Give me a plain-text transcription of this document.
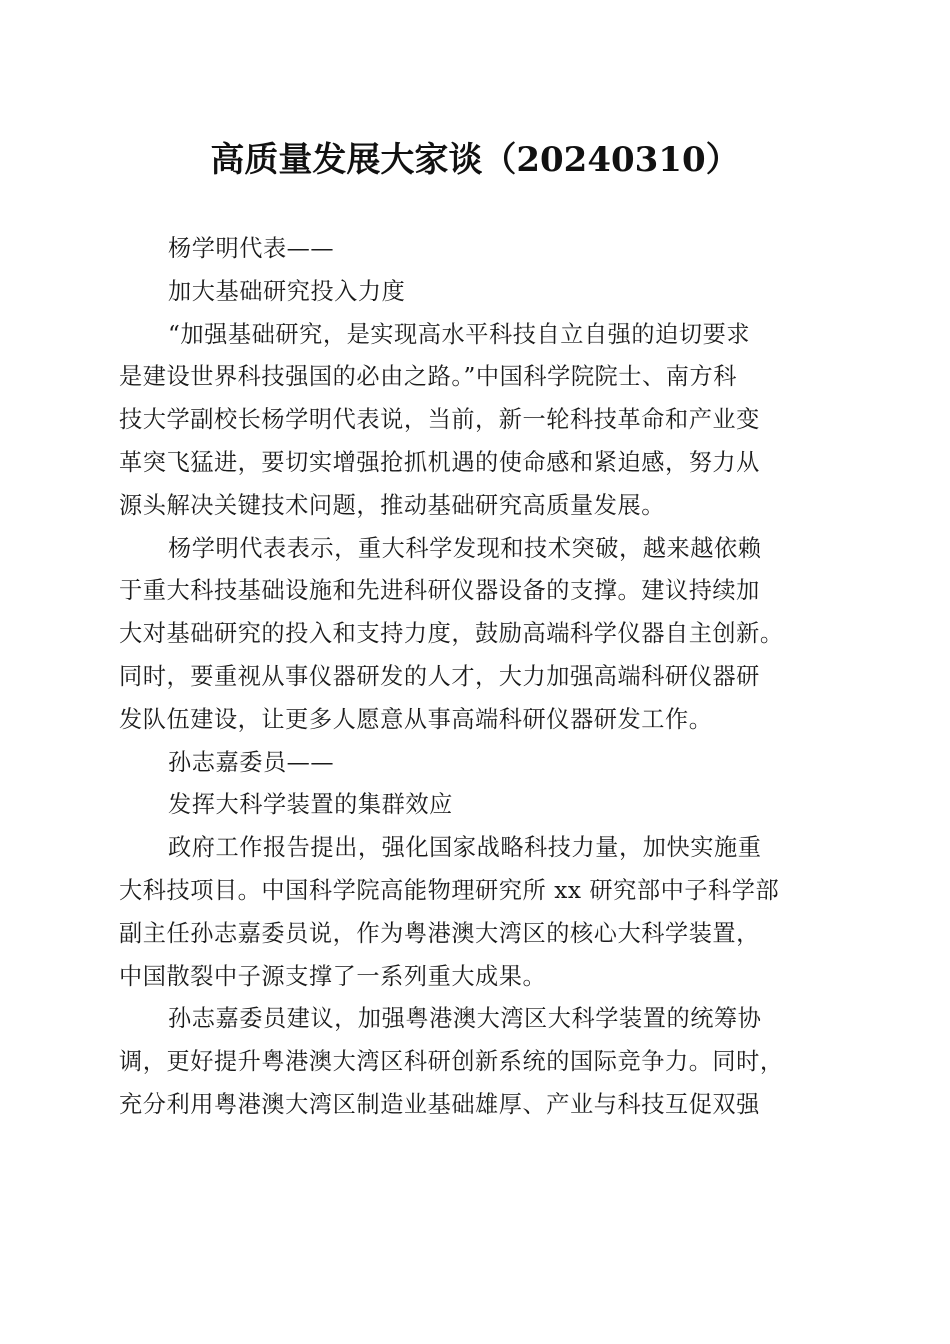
高质量发展大家谈（20240310）
杨学明代表——
加大基础研究投入力度
“加强基础研究，是实现高水平科技自立自强的迫切要求
是建设世界科技强国的必由之路。”中国科学院院士、南方科
技大学副校长杨学明代表说，当前，新一轮科技革命和产业变
革突飞猛进，要切实增强抢抓机遇的使命感和紧迫感，努力从
源头解决关键技术问题，推动基础研究高质量发展。
杨学明代表表示，重大科学发现和技术突破，越来越依赖
于重大科技基础设施和先进科研仪器设备的支撑。建议持续加
大对基础研究的投入和支持力度，鼓励高端科学仪器自主创新。
同时，要重视从事仪器研发的人才，大力加强高端科研仪器研
发队伍建设，让更多人愿意从事高端科研仪器研发工作。
孙志嘉委员——
发挥大科学装置的集群效应
政府工作报告提出，强化国家战略科技力量，加快实施重
大科技项目。中国科学院高能物理研究所 xx 研究部中子科学部
副主任孙志嘉委员说，作为粤港澳大湾区的核心大科学装置，
中国散裂中子源支撑了一系列重大成果。
孙志嘉委员建议，加强粤港澳大湾区大科学装置的统筹协
调，更好提升粤港澳大湾区科研创新系统的国际竞争力。同时，
充分利用粤港澳大湾区制造业基础雄厚、产业与科技互促双强
